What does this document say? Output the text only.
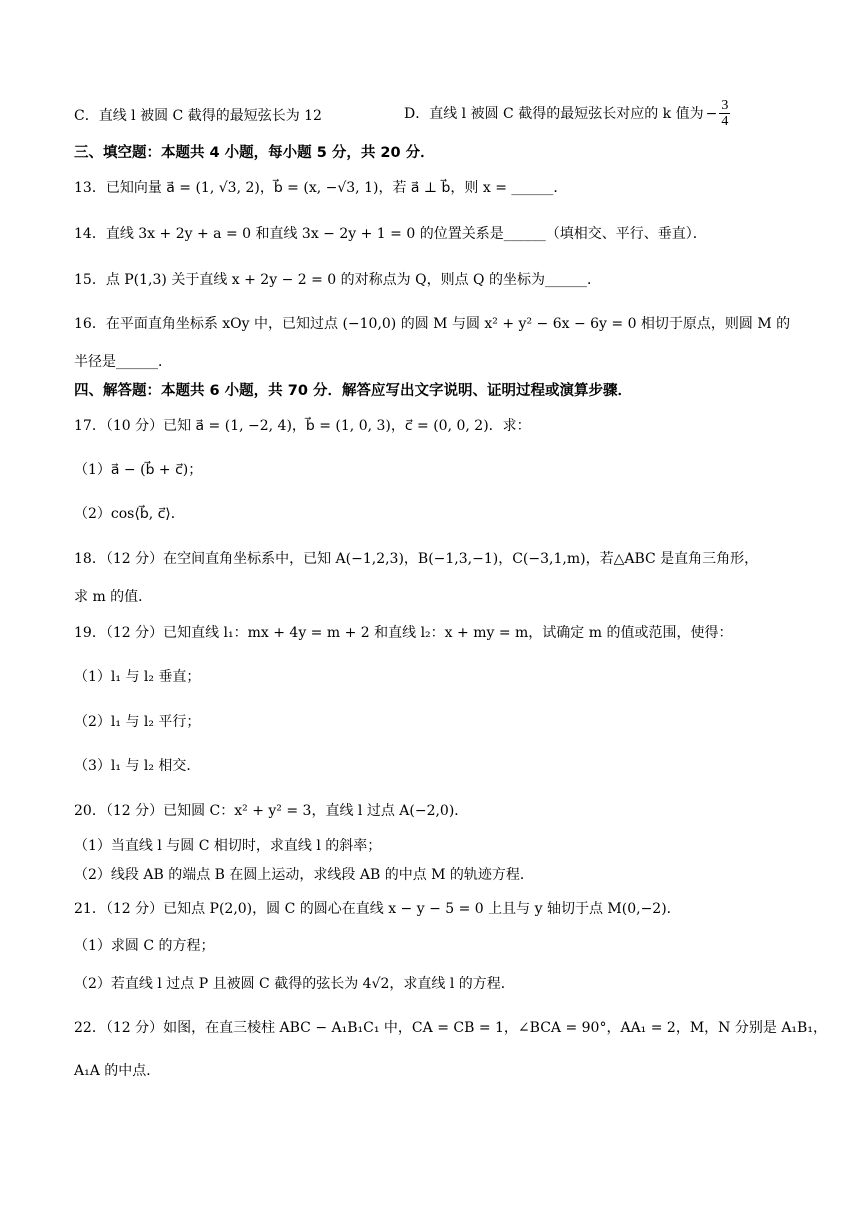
C．直线 l 被圆 C 截得的最短弦长为 12	D．直线 l 被圆 C 截得的最短弦长对应的 k 值为 − $\frac{3}{4}$
三、填空题：本题共 4 小题，每小题 5 分，共 20 分．
13．已知向量 a⃗ = (1, √3, 2)，b⃗ = (x, −√3, 1)，若 a⃗ ⊥ b⃗，则 x = ______．
14．直线 3x + 2y + a = 0 和直线 3x − 2y + 1 = 0 的位置关系是______（填相交、平行、垂直）．
15．点 P(1,3) 关于直线 x + 2y − 2 = 0 的对称点为 Q，则点 Q 的坐标为______．
16．在平面直角坐标系 xOy 中，已知过点 (−10,0) 的圆 M 与圆 x² + y² − 6x − 6y = 0 相切于原点，则圆 M 的
半径是______．
四、解答题：本题共 6 小题，共 70 分．解答应写出文字说明、证明过程或演算步骤．
17．（10 分）已知 a⃗ = (1, −2, 4)，b⃗ = (1, 0, 3)，c⃗ = (0, 0, 2)．求：
（1）a⃗ − (b⃗ + c⃗)；
（2）cos⟨b⃗, c⃗⟩．
18．（12 分）在空间直角坐标系中，已知 A(−1,2,3)，B(−1,3,−1)，C(−3,1,m)，若△ABC 是直角三角形，
求 m 的值．
19．（12 分）已知直线 l₁：mx + 4y = m + 2 和直线 l₂：x + my = m，试确定 m 的值或范围，使得：
（1）l₁ 与 l₂ 垂直；
（2）l₁ 与 l₂ 平行；
（3）l₁ 与 l₂ 相交．
20．（12 分）已知圆 C：x² + y² = 3，直线 l 过点 A(−2,0)．
（1）当直线 l 与圆 C 相切时，求直线 l 的斜率；
（2）线段 AB 的端点 B 在圆上运动，求线段 AB 的中点 M 的轨迹方程．
21．（12 分）已知点 P(2,0)，圆 C 的圆心在直线 x − y − 5 = 0 上且与 y 轴切于点 M(0,−2)．
（1）求圆 C 的方程；
（2）若直线 l 过点 P 且被圆 C 截得的弦长为 4√2，求直线 l 的方程．
22．（12 分）如图，在直三棱柱 ABC − A₁B₁C₁ 中，CA = CB = 1，∠BCA = 90°，AA₁ = 2，M，N 分别是 A₁B₁，
A₁A 的中点．
